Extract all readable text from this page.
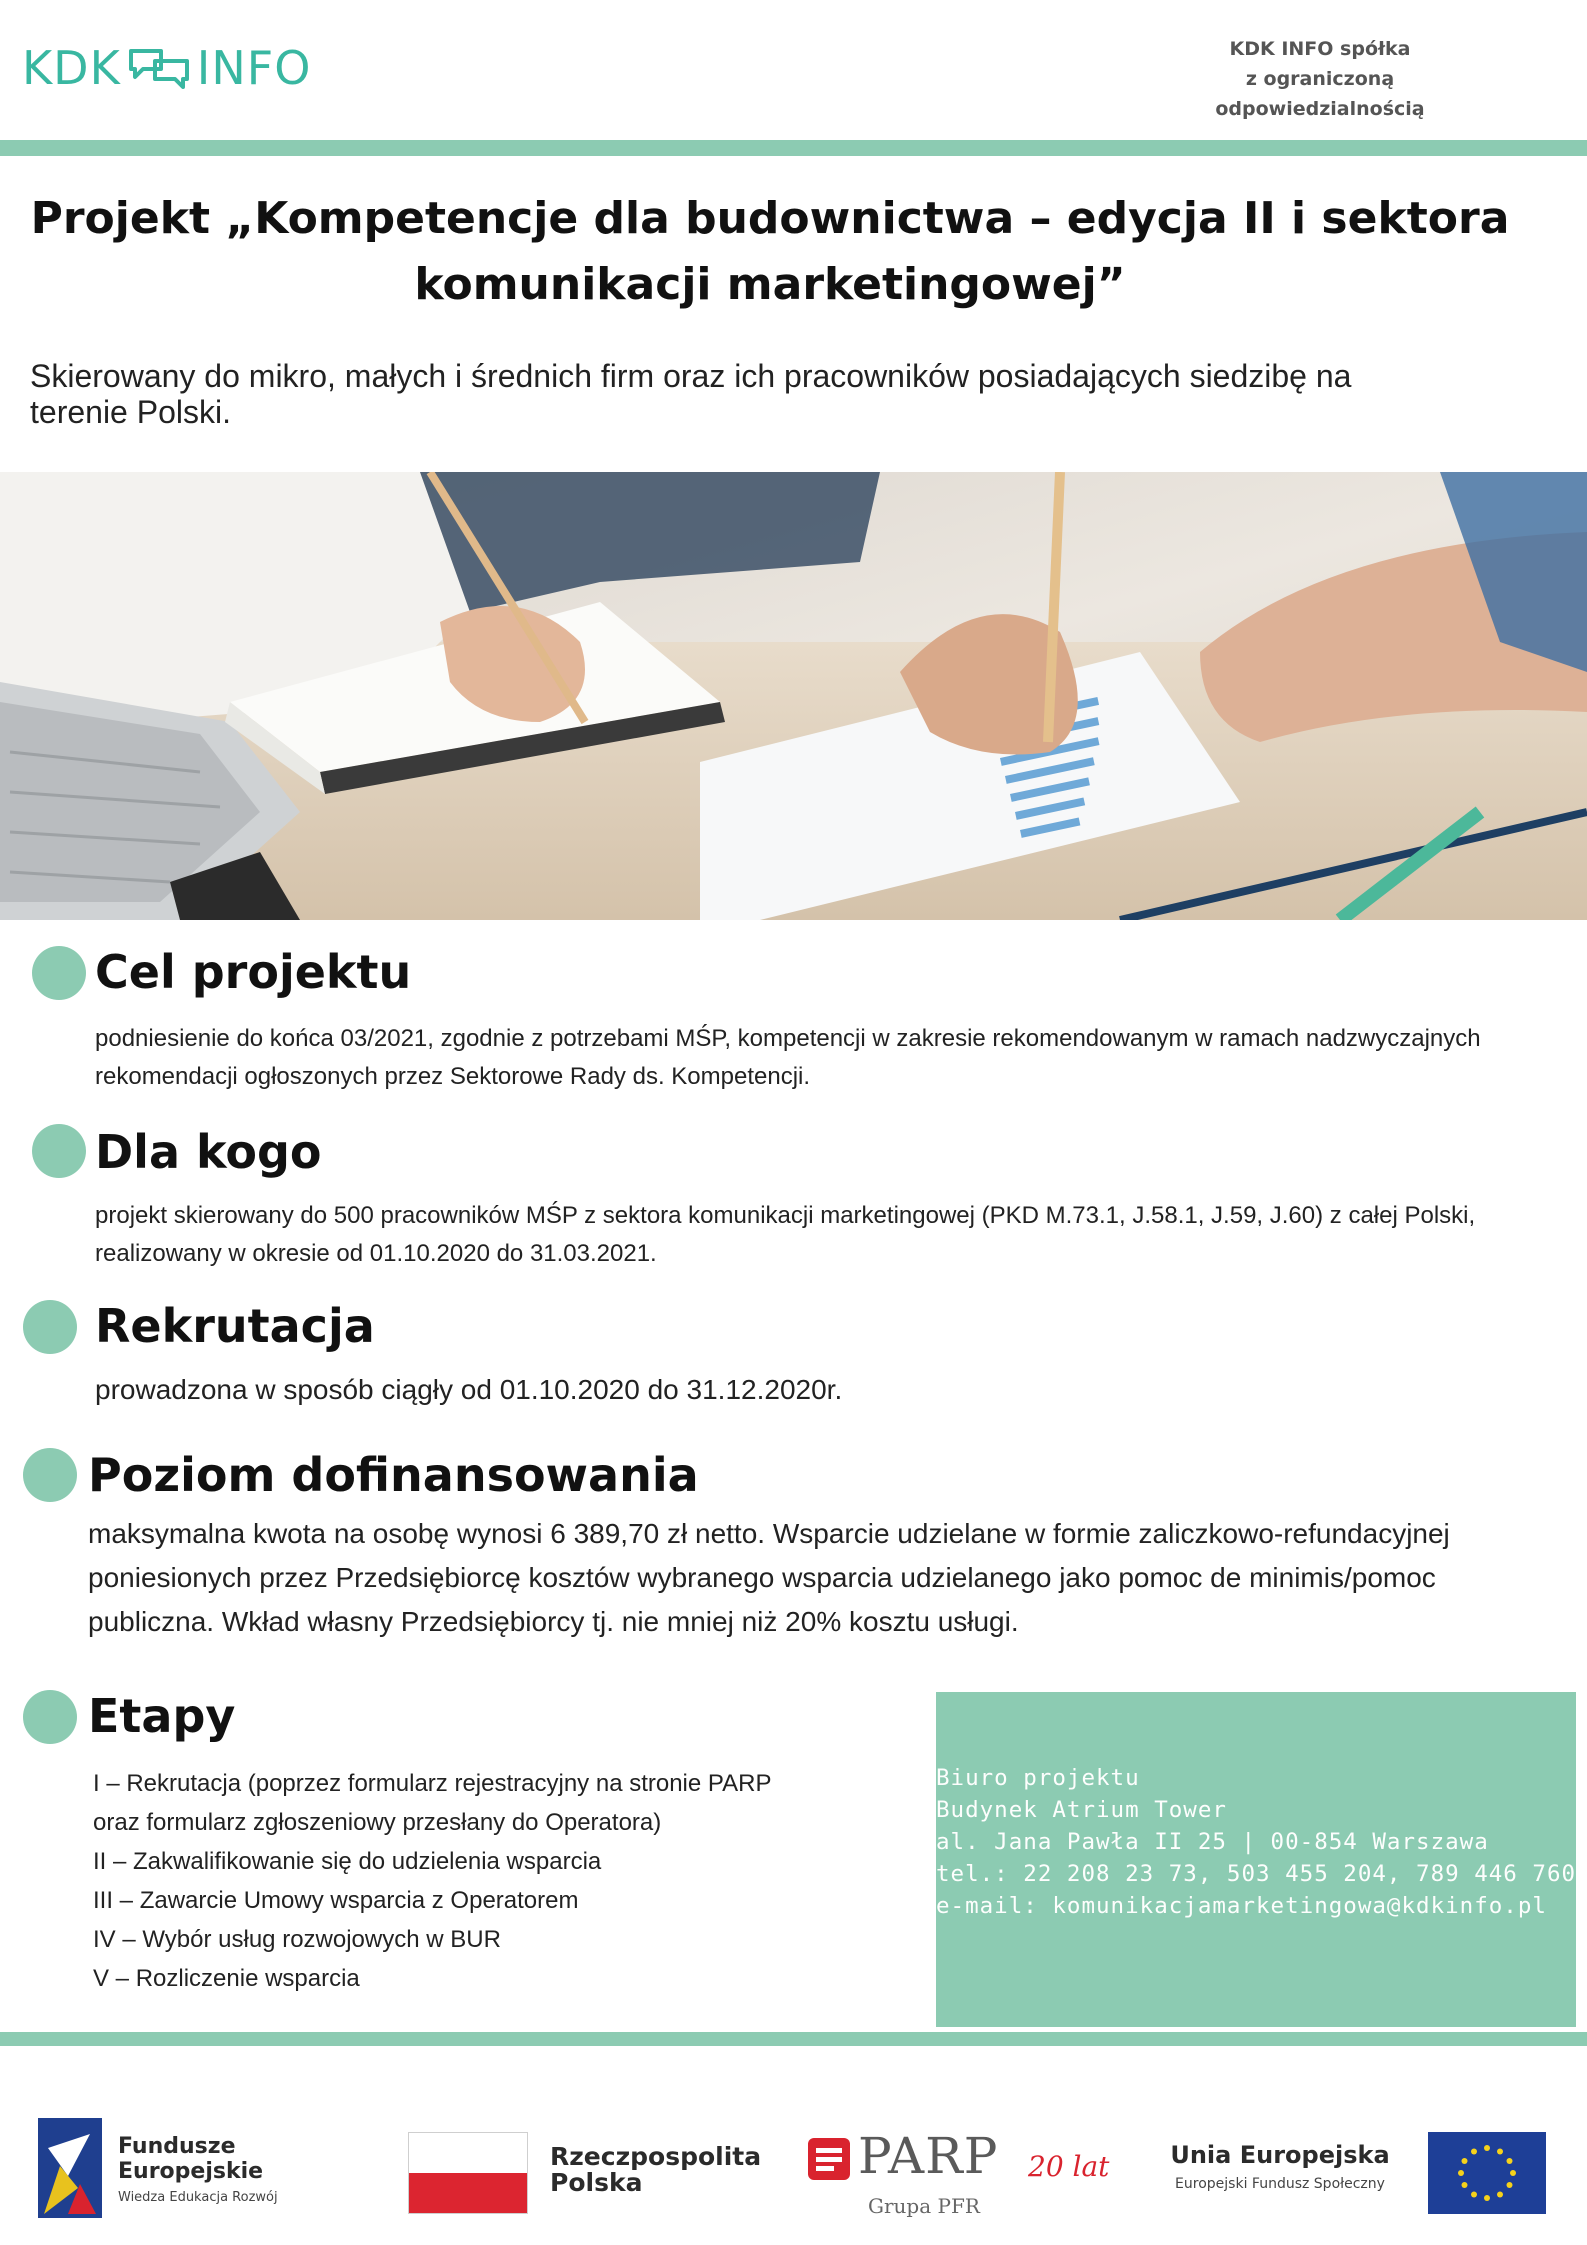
KDK INFO	KDK INFO spółka
z ograniczoną
odpowiedzialnością
Projekt „Kompetencje dla budownictwa – edycja II i sektora
komunikacji marketingowej”
Skierowany do mikro, małych i średnich firm oraz ich pracowników posiadających siedzibę na
terenie Polski.
Cel projektu
podniesienie do końca 03/2021, zgodnie z potrzebami MŚP, kompetencji w zakresie rekomendowanym w ramach nadzwyczajnych
rekomendacji ogłoszonych przez Sektorowe Rady ds. Kompetencji.
Dla kogo
projekt skierowany do 500 pracowników MŚP z sektora komunikacji marketingowej (PKD M.73.1, J.58.1, J.59, J.60) z całej Polski,
realizowany w okresie od 01.10.2020 do 31.03.2021.
Rekrutacja
prowadzona w sposób ciągły od 01.10.2020 do 31.12.2020r.
Poziom dofinansowania
maksymalna kwota na osobę wynosi 6 389,70 zł netto. Wsparcie udzielane w formie zaliczkowo-refundacyjnej
poniesionych przez Przedsiębiorcę kosztów wybranego wsparcia udzielanego jako pomoc de minimis/pomoc
publiczna. Wkład własny Przedsiębiorcy tj. nie mniej niż 20% kosztu usługi.
Etapy
I – Rekrutacja (poprzez formularz rejestracyjny na stronie PARP
oraz formularz zgłoszeniowy przesłany do Operatora)
II – Zakwalifikowanie się do udzielenia wsparcia
III – Zawarcie Umowy wsparcia z Operatorem
IV – Wybór usług rozwojowych w BUR
V – Rozliczenie wsparcia
Biuro projektu
Budynek Atrium Tower
al. Jana Pawła II 25 | 00-854 Warszawa
tel.: 22 208 23 73, 503 455 204, 789 446 760
e-mail: komunikacjamarketingowa@kdkinfo.pl
Fundusze
Europejskie
Wiedza Edukacja Rozwój
Rzeczpospolita
Polska	PARP 20 lat
Grupa PFR
Unia Europejska
Europejski Fundusz Społeczny
